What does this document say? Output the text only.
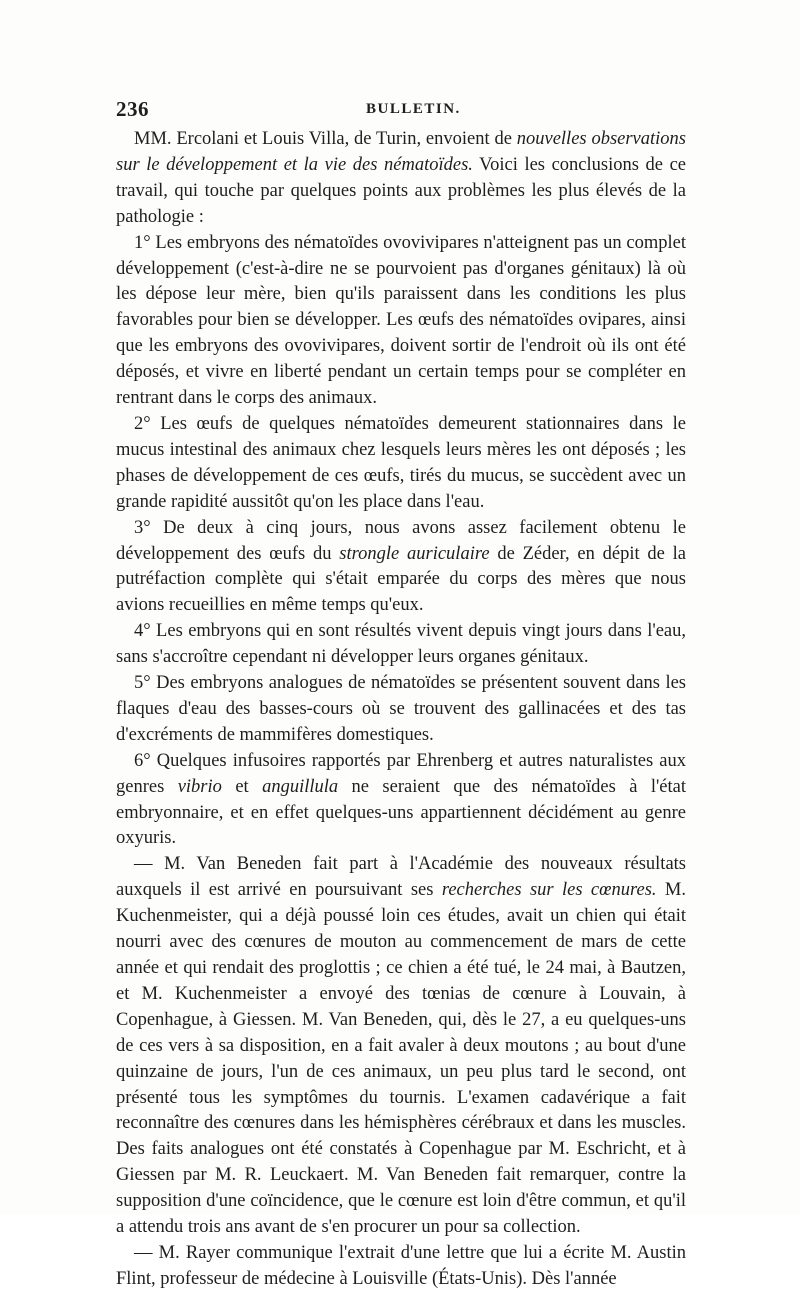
236	BULLETIN.

MM. Ercolani et Louis Villa, de Turin, envoient de nouvelles observations sur le développement et la vie des nématoïdes. Voici les conclusions de ce travail, qui touche par quelques points aux problèmes les plus élevés de la pathologie :

1° Les embryons des nématoïdes ovovivipares n'atteignent pas un complet développement (c'est-à-dire ne se pourvoient pas d'organes génitaux) là où les dépose leur mère, bien qu'ils paraissent dans les conditions les plus favorables pour bien se développer. Les œufs des nématoïdes ovipares, ainsi que les embryons des ovovivipares, doivent sortir de l'endroit où ils ont été déposés, et vivre en liberté pendant un certain temps pour se compléter en rentrant dans le corps des animaux.

2° Les œufs de quelques nématoïdes demeurent stationnaires dans le mucus intestinal des animaux chez lesquels leurs mères les ont déposés ; les phases de développement de ces œufs, tirés du mucus, se succèdent avec un grande rapidité aussitôt qu'on les place dans l'eau.

3° De deux à cinq jours, nous avons assez facilement obtenu le développement des œufs du strongle auriculaire de Zéder, en dépit de la putréfaction complète qui s'était emparée du corps des mères que nous avions recueillies en même temps qu'eux.

4° Les embryons qui en sont résultés vivent depuis vingt jours dans l'eau, sans s'accroître cependant ni développer leurs organes génitaux.

5° Des embryons analogues de nématoïdes se présentent souvent dans les flaques d'eau des basses-cours où se trouvent des gallinacées et des tas d'excréments de mammifères domestiques.

6° Quelques infusoires rapportés par Ehrenberg et autres naturalistes aux genres vibrio et anguillula ne seraient que des nématoïdes à l'état embryonnaire, et en effet quelques-uns appartiennent décidément au genre oxyuris.

— M. Van Beneden fait part à l'Académie des nouveaux résultats auxquels il est arrivé en poursuivant ses recherches sur les cœnures. M. Kuchenmeister, qui a déjà poussé loin ces études, avait un chien qui était nourri avec des cœnures de mouton au commencement de mars de cette année et qui rendait des proglottis ; ce chien a été tué, le 24 mai, à Bautzen, et M. Kuchenmeister a envoyé des tœnias de cœnure à Louvain, à Copenhague, à Giessen. M. Van Beneden, qui, dès le 27, a eu quelques-uns de ces vers à sa disposition, en a fait avaler à deux moutons ; au bout d'une quinzaine de jours, l'un de ces animaux, un peu plus tard le second, ont présenté tous les symptômes du tournis. L'examen cadavérique a fait reconnaître des cœnures dans les hémisphères cérébraux et dans les muscles. Des faits analogues ont été constatés à Copenhague par M. Eschricht, et à Giessen par M. R. Leuckaert. M. Van Beneden fait remarquer, contre la supposition d'une coïncidence, que le cœnure est loin d'être commun, et qu'il a attendu trois ans avant de s'en procurer un pour sa collection.

— M. Rayer communique l'extrait d'une lettre que lui a écrite M. Austin Flint, professeur de médecine à Louisville (États-Unis). Dès l'année
